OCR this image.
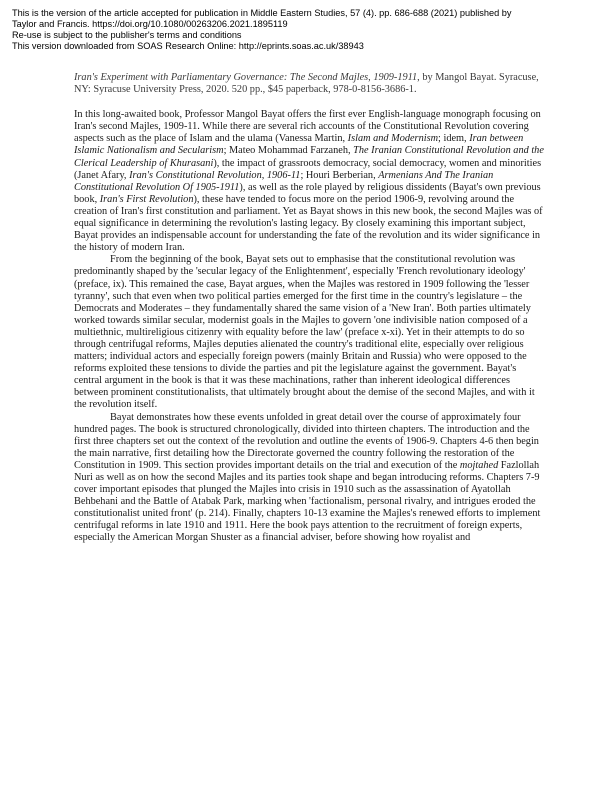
This is the version of the article accepted for publication in Middle Eastern Studies, 57 (4). pp. 686-688 (2021) published by
Taylor and Francis. https://doi.org/10.1080/00263206.2021.1895119
Re-use is subject to the publisher's terms and conditions
This version downloaded from SOAS Research Online: http://eprints.soas.ac.uk/38943

Iran's Experiment with Parliamentary Governance: The Second Majles, 1909-1911, by Mangol Bayat. Syracuse, NY: Syracuse University Press, 2020. 520 pp., $45 paperback, 978-0-8156-3686-1.

In this long-awaited book, Professor Mangol Bayat offers the first ever English-language monograph focusing on Iran's second Majles, 1909-11. While there are several rich accounts of the Constitutional Revolution covering aspects such as the place of Islam and the ulama (Vanessa Martin, Islam and Modernism; idem, Iran between Islamic Nationalism and Secularism; Mateo Mohammad Farzaneh, The Iranian Constitutional Revolution and the Clerical Leadership of Khurasani), the impact of grassroots democracy, social democracy, women and minorities (Janet Afary, Iran's Constitutional Revolution, 1906-11; Houri Berberian, Armenians And The Iranian Constitutional Revolution Of 1905-1911), as well as the role played by religious dissidents (Bayat's own previous book, Iran's First Revolution), these have tended to focus more on the period 1906-9, revolving around the creation of Iran's first constitution and parliament. Yet as Bayat shows in this new book, the second Majles was of equal significance in determining the revolution's lasting legacy. By closely examining this important subject, Bayat provides an indispensable account for understanding the fate of the revolution and its wider significance in the history of modern Iran.

From the beginning of the book, Bayat sets out to emphasise that the constitutional revolution was predominantly shaped by the 'secular legacy of the Enlightenment', especially 'French revolutionary ideology' (preface, ix). This remained the case, Bayat argues, when the Majles was restored in 1909 following the 'lesser tyranny', such that even when two political parties emerged for the first time in the country's legislature – the Democrats and Moderates – they fundamentally shared the same vision of a 'New Iran'. Both parties ultimately worked towards similar secular, modernist goals in the Majles to govern 'one indivisible nation composed of a multiethnic, multireligious citizenry with equality before the law' (preface x-xi). Yet in their attempts to do so through centrifugal reforms, Majles deputies alienated the country's traditional elite, especially over religious matters; individual actors and especially foreign powers (mainly Britain and Russia) who were opposed to the reforms exploited these tensions to divide the parties and pit the legislature against the government. Bayat's central argument in the book is that it was these machinations, rather than inherent ideological differences between prominent constitutionalists, that ultimately brought about the demise of the second Majles, and with it the revolution itself.

Bayat demonstrates how these events unfolded in great detail over the course of approximately four hundred pages. The book is structured chronologically, divided into thirteen chapters. The introduction and the first three chapters set out the context of the revolution and outline the events of 1906-9. Chapters 4-6 then begin the main narrative, first detailing how the Directorate governed the country following the restoration of the Constitution in 1909. This section provides important details on the trial and execution of the mojtahed Fazlollah Nuri as well as on how the second Majles and its parties took shape and began introducing reforms. Chapters 7-9 cover important episodes that plunged the Majles into crisis in 1910 such as the assassination of Ayatollah Behbehani and the Battle of Atabak Park, marking when 'factionalism, personal rivalry, and intrigues eroded the constitutionalist united front' (p. 214). Finally, chapters 10-13 examine the Majles's renewed efforts to implement centrifugal reforms in late 1910 and 1911. Here the book pays attention to the recruitment of foreign experts, especially the American Morgan Shuster as a financial adviser, before showing how royalist and
